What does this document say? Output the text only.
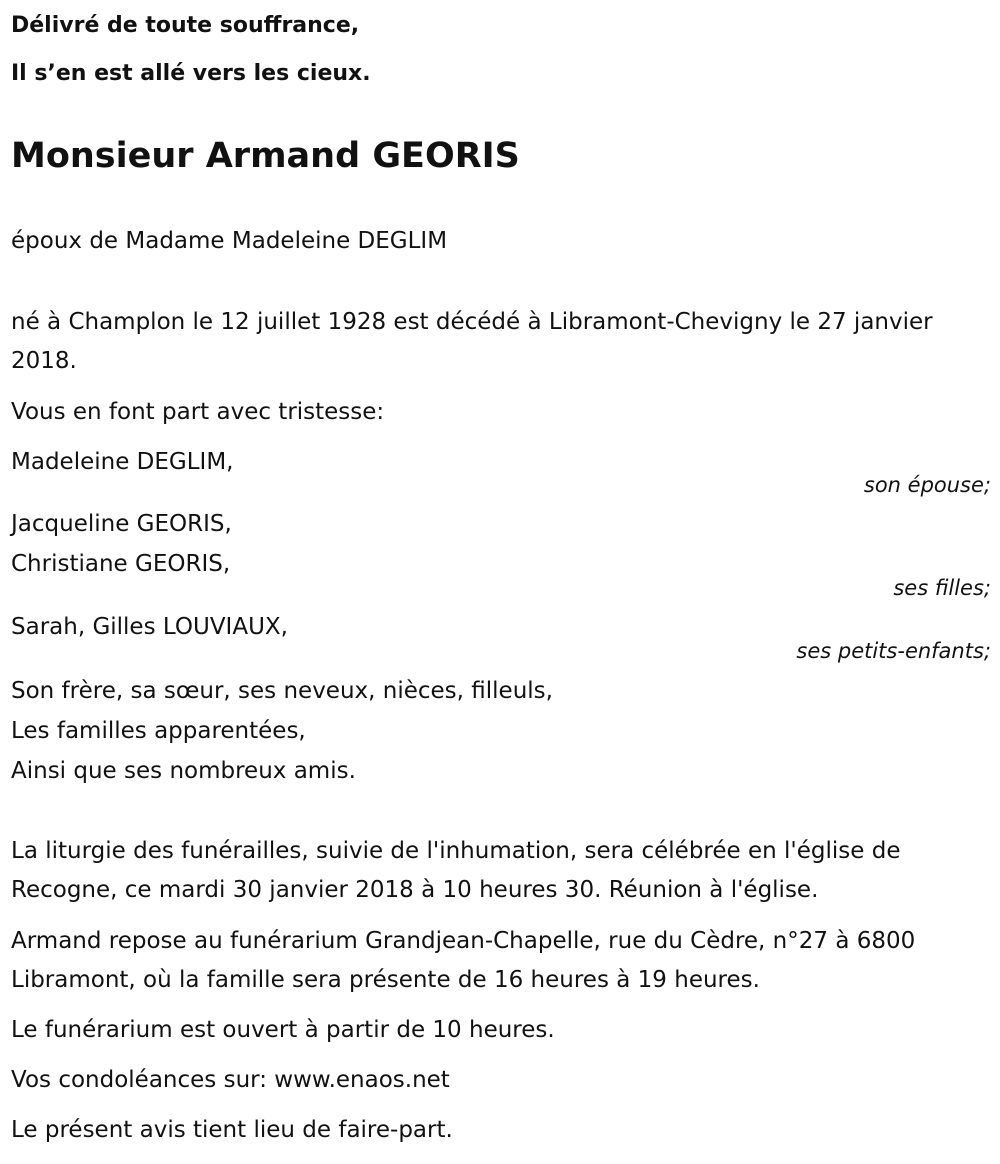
Délivré de toute souffrance,

Il s’en est allé vers les cieux.

Monsieur Armand GEORIS

époux de Madame Madeleine DEGLIM

né à Champlon le 12 juillet 1928 est décédé à Libramont-Chevigny le 27 janvier 2018.

Vous en font part avec tristesse:

Madeleine DEGLIM,

son épouse;

Jacqueline GEORIS,

Christiane GEORIS,

ses filles;

Sarah, Gilles LOUVIAUX,

ses petits-enfants;

Son frère, sa sœur, ses neveux, nièces, filleuls,

Les familles apparentées,

Ainsi que ses nombreux amis.

La liturgie des funérailles, suivie de l'inhumation, sera célébrée en l'église de Recogne, ce mardi 30 janvier 2018 à 10 heures 30. Réunion à l'église.

Armand repose au funérarium Grandjean-Chapelle, rue du Cèdre, n°27 à 6800 Libramont, où la famille sera présente de 16 heures à 19 heures.

Le funérarium est ouvert à partir de 10 heures.

Vos condoléances sur: www.enaos.net

Le présent avis tient lieu de faire-part.
